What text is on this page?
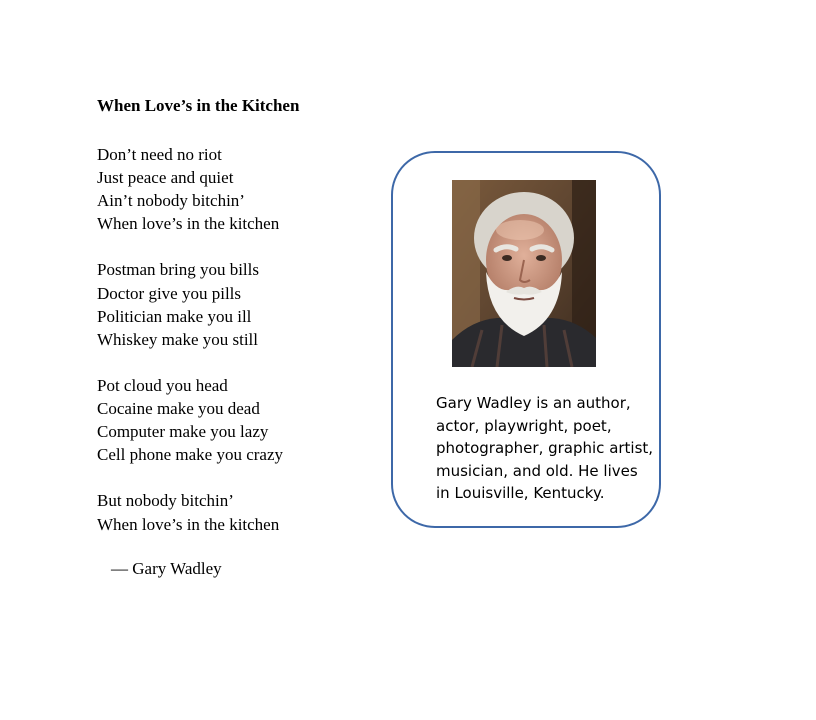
When Love’s in the Kitchen
Don’t need no riot
Just peace and quiet
Ain’t nobody bitchin’
When love’s in the kitchen
Postman bring you bills
Doctor give you pills
Politician make you ill
Whiskey make you still
Pot cloud you head
Cocaine make you dead
Computer make you lazy
Cell phone make you crazy
But nobody bitchin’
When love’s in the kitchen
— Gary Wadley
Gary Wadley is an author, actor, playwright, poet, photographer, graphic artist, musician, and old. He lives in Louisville, Kentucky.
